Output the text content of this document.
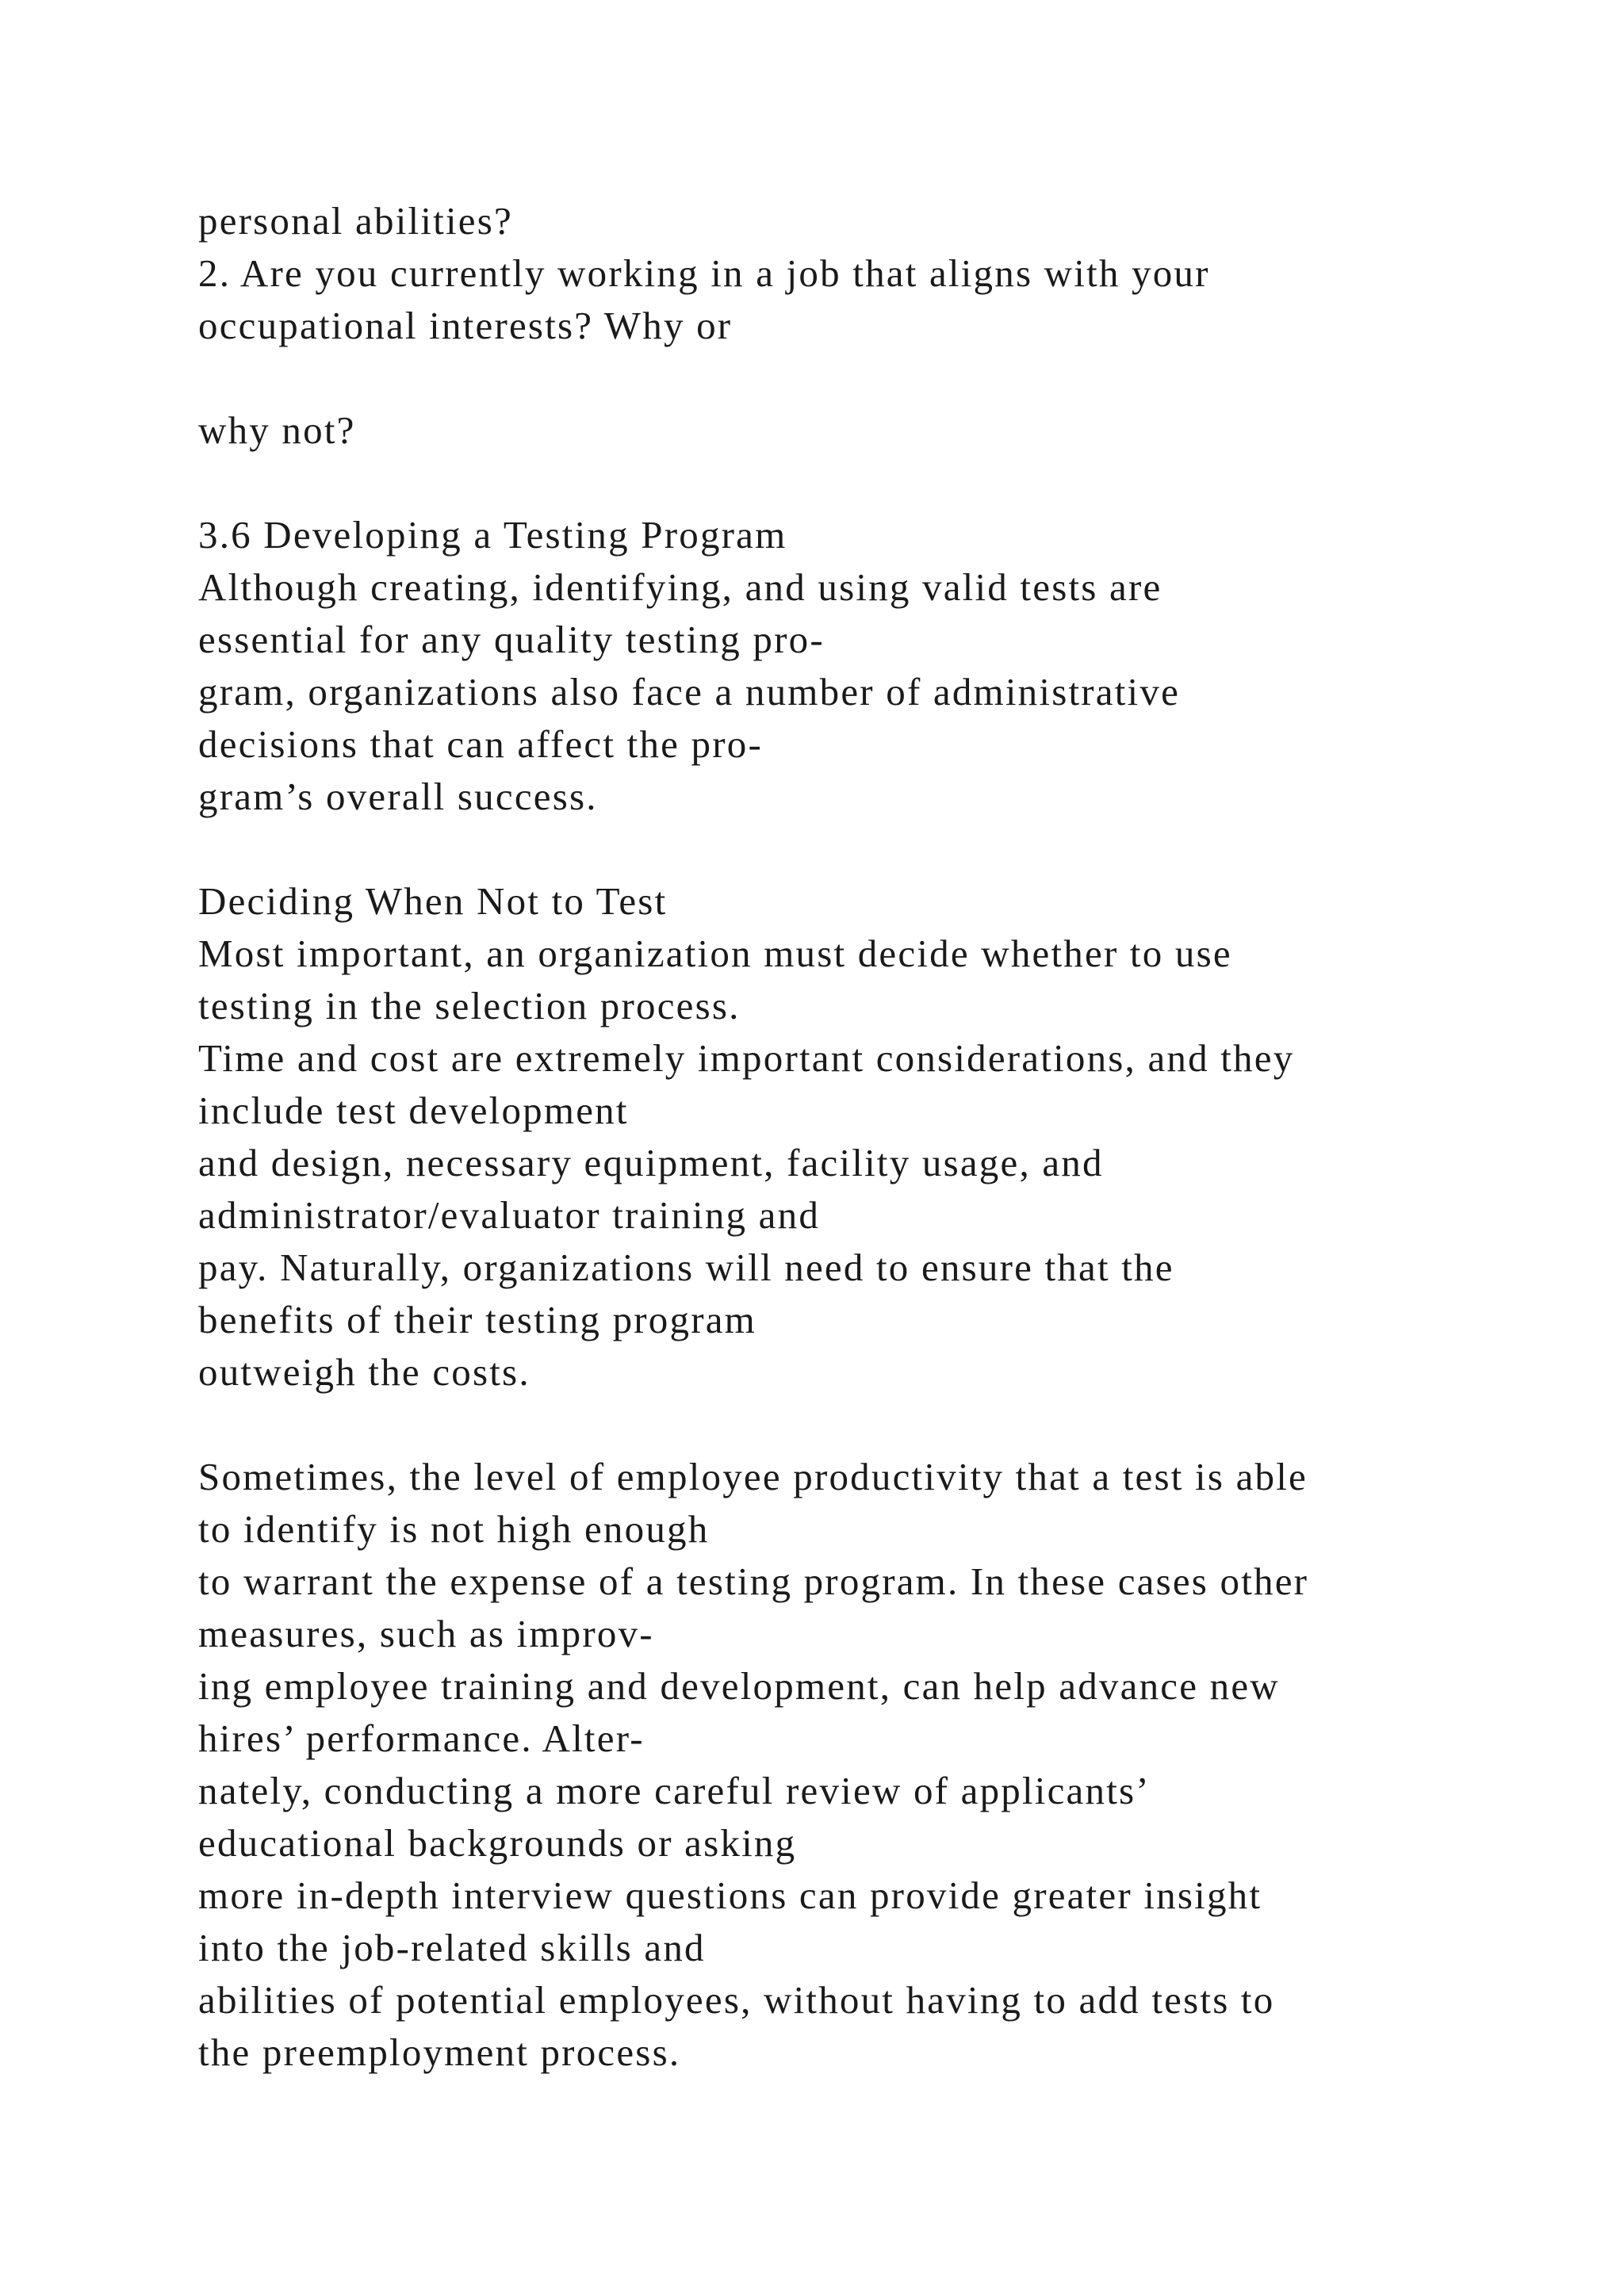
personal abilities?
2. Are you currently working in a job that aligns with your
occupational interests? Why or
why not?
3.6 Developing a Testing Program
Although creating, identifying, and using valid tests are
essential for any quality testing pro-
gram, organizations also face a number of administrative
decisions that can affect the pro-
gram’s overall success.
Deciding When Not to Test
Most important, an organization must decide whether to use
testing in the selection process.
Time and cost are extremely important considerations, and they
include test development
and design, necessary equipment, facility usage, and
administrator/evaluator training and
pay. Naturally, organizations will need to ensure that the
benefits of their testing program
outweigh the costs.
Sometimes, the level of employee productivity that a test is able
to identify is not high enough
to warrant the expense of a testing program. In these cases other
measures, such as improv-
ing employee training and development, can help advance new
hires’ performance. Alter-
nately, conducting a more careful review of applicants’
educational backgrounds or asking
more in-depth interview questions can provide greater insight
into the job-related skills and
abilities of potential employees, without having to add tests to
the preemployment process.
